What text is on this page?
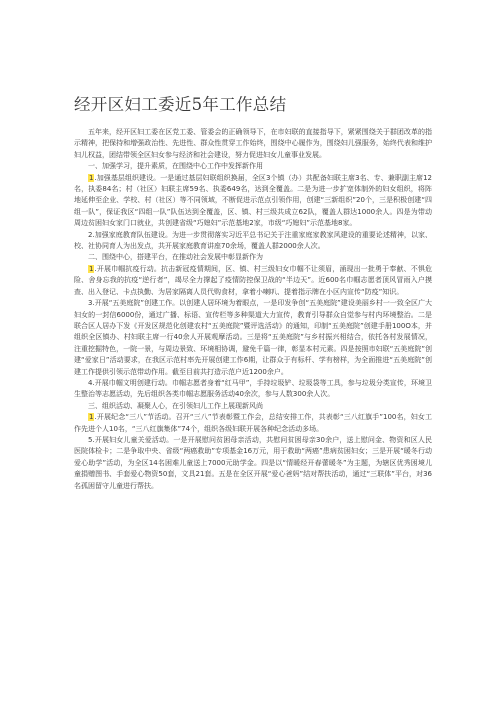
经开区妇工委近5年工作总结

五年来，经开区妇工委在区党工委、管委会的正确领导下，在市妇联的直接指导下，紧紧围绕关于群团改革的指示精神，把保持和增强政治性、先进性、群众性贯穿工作始终，围绕中心履作为，围绕妇儿强服务，始终代表和维护妇儿权益，团结带领全区妇女参与经济和社会建设，努力促进妇女儿童事业发展。

一、加强学习，提升素质，在围绕中心工作中发挥新作用

1.加强基层组织建设。一是通过基层妇联组织换届，全区3个镇（办）共配备妇联主席3名、专、兼职副主席12名，执委84名；村（社区）妇联主席59名、执委649名，达到全覆盖。二是为进一步扩宽体制外的妇女组织，将阵地延伸至企业、学校、村（社区）等不同领域，不断促进示范点引领作用，创建“三新组织”20个，三是积极创建“四组一队”，保证我区“四组一队”队伍达到全覆盖，区、镇、村三级共成立62队，覆盖人群达1000余人。四是为带动周边贫困妇女家门口就业，共创建省级“巧媳妇”示范基地2家，市级“巧媳妇”示范基地8家。

2.加强家庭教育队伍建设。为进一步贯彻落实习近平总书记关于注重家庭家教家风建设的重要论述精神，以家、校、社协同育人为出发点，共开展家庭教育讲座70余场，覆盖人群2000余人次。

二、围绕中心，搭建平台，在推动社会发展中彰显新作为

1.开展巾帼抗疫行动。抗击新冠疫情期间，区、镇、村三级妇女巾帼不让须眉，涌现出一批勇于奉献、不惧危险、舍身忘我的抗疫“逆行者”，竭尽全力撑起了疫情防控保卫战的“半边天”。近600名巾帼志愿者顶风冒雨入户摸查、出入登记、卡点执勤、为居家隔离人员代购食材，拿着小喇叭、提着指示牌在小区内宣传“防疫”知识。

3.开展“五美庭院”创建工作。以创建人居环境为着眼点，一是印发争创“五美庭院”建设美丽乡村一一致全区广大妇女的一封信6000份，通过广播、标语、宣传栏等多种渠道大力宣传，教育引导群众自觉参与村内环境整治。二是联合区人居办下发《开发区规范化创建农村“五美庭院”暨评选活动》的通知，印制“五美庭院”创建手册100O本，并组织全区镇办、村妇联主席一行40余人开展观摩活动。三是将“五美庭院”与乡村振兴相结合，依托各村发展情况，注重挖掘特色，一院一景，与周边景致、环境相协调，避免千篇一律，彰显本村元素。四是按照市妇联“五美庭院”创建“爱家日”活动要求，在我区示范村率先开展创建工作6期，让群众于有标杆、学有榜样，为全面推进“五美庭院”创建工作提供引领示范带动作用。截至目前共打造示范户近1200余户。

4.开展巾帼文明创建行动。巾帼志愿者身着“红马甲”，手持垃圾铲、垃圾袋等工具，参与垃圾分类宣传，环境卫生整治等志愿活动，先后组织各类巾帼志愿服务活动40余次，参与人数300余人次。

三、组织活动、凝聚人心，在引领妇儿工作上展现新风尚

1.开展纪念“三八”节活动。召开“三八”节表彰暨工作会，总结安排工作，共表彰“三八红旗手”100名，妇女工作先进个人10名，“三八红旗集体”74个，组织各级妇联开展各种纪念活动多场。

5.开展妇女儿童关爱活动。一是开展慰问贫困母亲活动，共慰问贫困母亲30余户，送上慰问金、物资和区人民医院体检卡；二是争取中央、省级“两癌救助”专项基金16万元，用于救助“两癌”患病贫困妇女；三是开展“暖冬行动爱心助学”活动，为全区14名困难儿童送上7000元助学金。四是以“情暖经开春蕾暖冬”为主题，为辖区优秀困境儿童捐赠图书、手套爱心物资50套，文具21套。五是在全区开展“爱心爸妈”结对帮扶活动，通过“三联体”平台，对36名孤困留守儿童进行帮扶。
